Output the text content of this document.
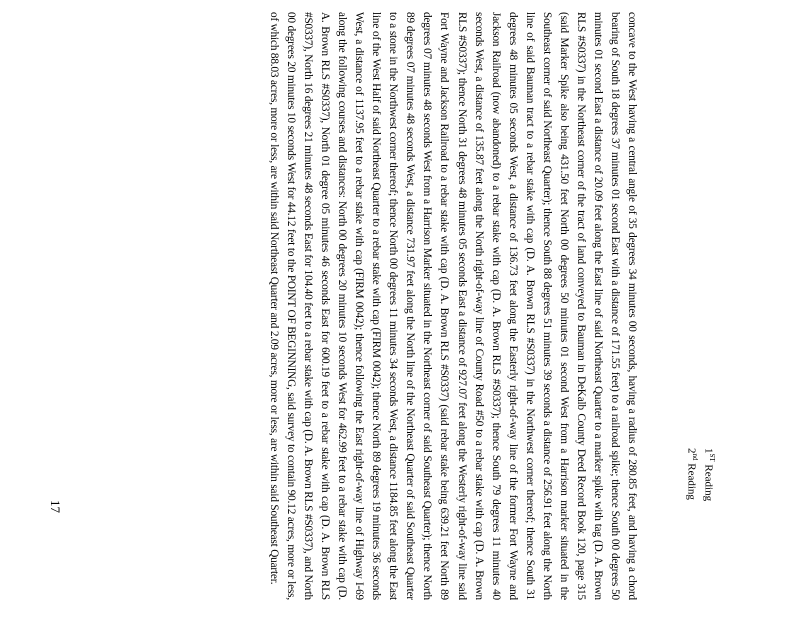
1ST Reading
2nd Reading

concave to the West having a central angle of 35 degrees 34 minutes 00 seconds, having a radius of 280.85 feet, and having a chord bearing of South 18 degrees 37 minutes 01 second East with a distance of 171.55 feet) to a railroad spike; thence South 00 degrees 50 minutes 01 second East a distance of 20.09 feet along the East line of said Northeast Quarter to a marker spike with tag (D. A. Brown RLS #S0337) in the Northeast corner of the tract of land conveyed to Bauman in DeKalb County Deed Record Book 120, page 315 (said Marker Spike also being 431.50 feet North 00 degrees 50 minutes 01 second West from a Harrison marker situated in the Southeast corner of said Northeast Quarter); thence South 88 degrees 51 minutes 39 seconds a distance of 256.91 feet along the North line of said Bauman tract to a rebar stake with cap (D. A. Brown RLS #S0337) in the Northwest corner thereof; thence South 31 degrees 48 minutes 05 seconds West, a distance of 136.73 feet along the Easterly right-of-way line of the former Fort Wayne and Jackson Railroad (now abandoned) to a rebar stake with cap (D. A. Brown RLS #S0337); thence South 79 degrees 11 minutes 40 seconds West, a distance of 135.87 feet along the North right-of-way line of County Road #50 to a rebar stake with cap (D. A. Brown RLS #S0337); thence North 31 degrees 48 minutes 05 seconds East a distance of 927.07 feet along the Westerly right-of-way line said Fort Wayne and Jackson Railroad to a rebar stake with cap (D. A. Brown RLS #S0337) (said rebar stake being 639.21 feet North 89 degrees 07 minutes 48 seconds West from a Harrison Marker situated in the Northeast corner of said Southeast Quarter); thence North 89 degrees 07 minutes 48 seconds West, a distance 731.97 feet along the North line of the Northeast Quarter of said Southeast Quarter to a stone in the Northwest corner thereof; thence North 00 degrees 11 minutes 34 seconds West, a distance 1184.85 feet along the East line of the West Half of said Northeast Quarter to a rebar stake with cap (FIRM 0042); thence North 89 degrees 19 minutes 36 seconds West, a distance of 1137.95 feet to a rebar stake with cap (FIRM 0042); thence following the East right-of-way line of Highway I-69 along the following courses and distances: North 00 degrees 20 minutes 10 seconds West for 462.99 feet to a rebar stake with cap (D. A. Brown RLS #S0337), North 01 degree 05 minutes 46 seconds East for 600.19 feet to a rebar stake with cap (D. A. Brown RLS #S0337), North 16 degrees 21 minutes 48 seconds East for 104.40 feet to a rebar stake with cap (D. A. Brown RLS #S0337), and North 00 degrees 20 minutes 10 seconds West for 44.12 feet to the POINT OF BEGINNING, said survey to contain 90.12 acres, more or less, of which 88.03 acres, more or less, are within said Northeast Quarter and 2.09 acres, more or less, are within said Southeast Quarter.

17
